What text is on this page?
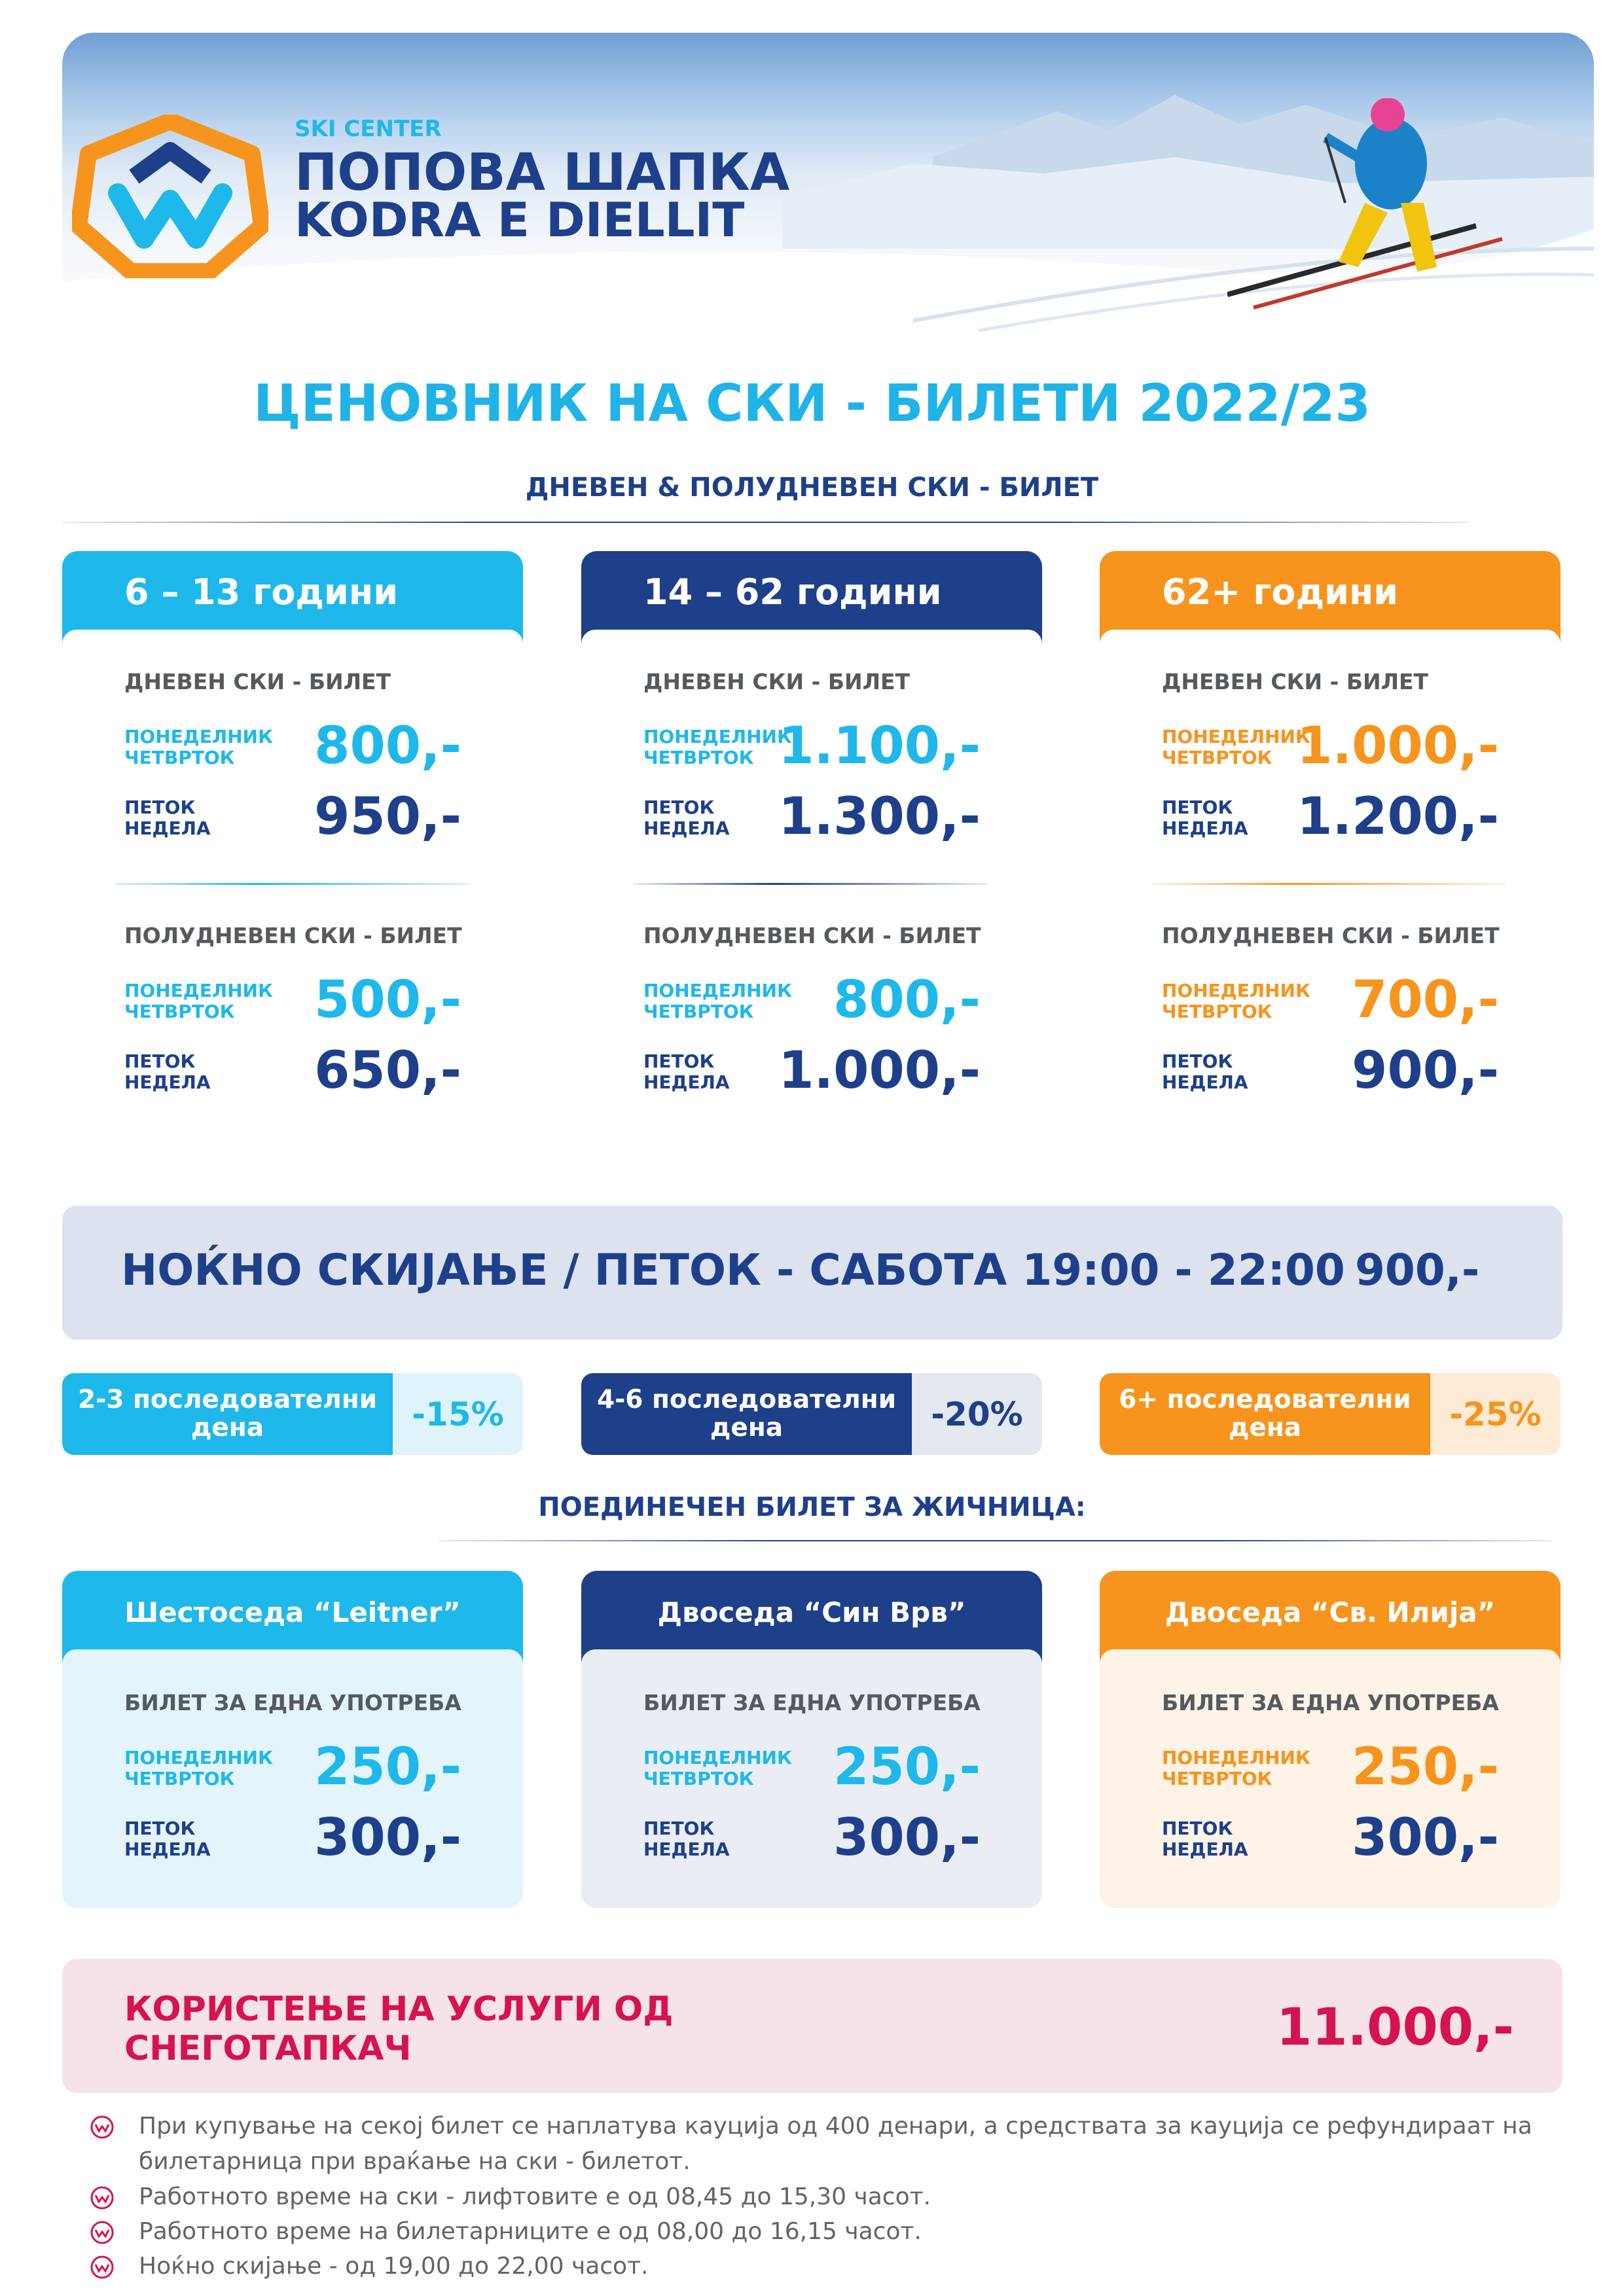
SKI CENTER
ПОПОВА ШАПКА
KODRA E DIELLIT
ЦЕНОВНИК НА СКИ - БИЛЕТИ 2022/23
ДНЕВЕН & ПОЛУДНЕВЕН СКИ - БИЛЕТ
НОЌНО СКИЈАЊЕ / ПЕТОК - САБОТА 19:00 - 22:00 900,-
ПОЕДИНЕЧЕН БИЛЕТ ЗА ЖИЧНИЦА:
КОРИСТЕЊЕ НА УСЛУГИ ОД
СНЕГОТАПКАЧ	11.000,-
6 – 13 години
ДНЕВЕН СКИ - БИЛЕТ
ПОНЕДЕЛНИК
ЧЕТВРТОК	800,-
ПЕТОК
НЕДЕЛА	950,-
ПОЛУДНЕВЕН СКИ - БИЛЕТ
ПОНЕДЕЛНИК
ЧЕТВРТОК	500,-
ПЕТОК
НЕДЕЛА	650,-
14 – 62 години
ДНЕВЕН СКИ - БИЛЕТ
ПОНЕДЕЛНИК
ЧЕТВРТОК 1.100,-
ПЕТОК
НЕДЕЛА 1.300,-
ПОЛУДНЕВЕН СКИ - БИЛЕТ
ПОНЕДЕЛНИК
ЧЕТВРТОК	800,-
ПЕТОК
НЕДЕЛА 1.000,-
62+ години
ДНЕВЕН СКИ - БИЛЕТ
ПОНЕДЕЛНИК
ЧЕТВРТОК 1.000,-
ПЕТОК
НЕДЕЛА 1.200,-
ПОЛУДНЕВЕН СКИ - БИЛЕТ
ПОНЕДЕЛНИК
ЧЕТВРТОК	700,-
ПЕТОК
НЕДЕЛА	900,-
2-3 последователни дена	-15%	4-6 последователни дена	-20%	6+ последователни дена	-25%
Шестоседа “Leitner”
БИЛЕТ ЗА ЕДНА УПОТРЕБА
ПОНЕДЕЛНИК
ЧЕТВРТОК	250,-
ПЕТОК
НЕДЕЛА	300,-
Двоседа “Син Врв”
БИЛЕТ ЗА ЕДНА УПОТРЕБА
ПОНЕДЕЛНИК
ЧЕТВРТОК	250,-
ПЕТОК
НЕДЕЛА	300,-
Двоседа “Св. Илија”
БИЛЕТ ЗА ЕДНА УПОТРЕБА
ПОНЕДЕЛНИК
ЧЕТВРТОК	250,-
ПЕТОК
НЕДЕЛА	300,-
При купување на секој билет се наплатува кауција од 400 денари, а средствата за кауција се рефундираат на билетарница при враќање на ски - билетот.
Работното време на ски - лифтовите е од 08,45 до 15,30 часот.
Работното време на билетарниците е од 08,00 до 16,15 часот.
Ноќно скијање - од 19,00 до 22,00 часот.
